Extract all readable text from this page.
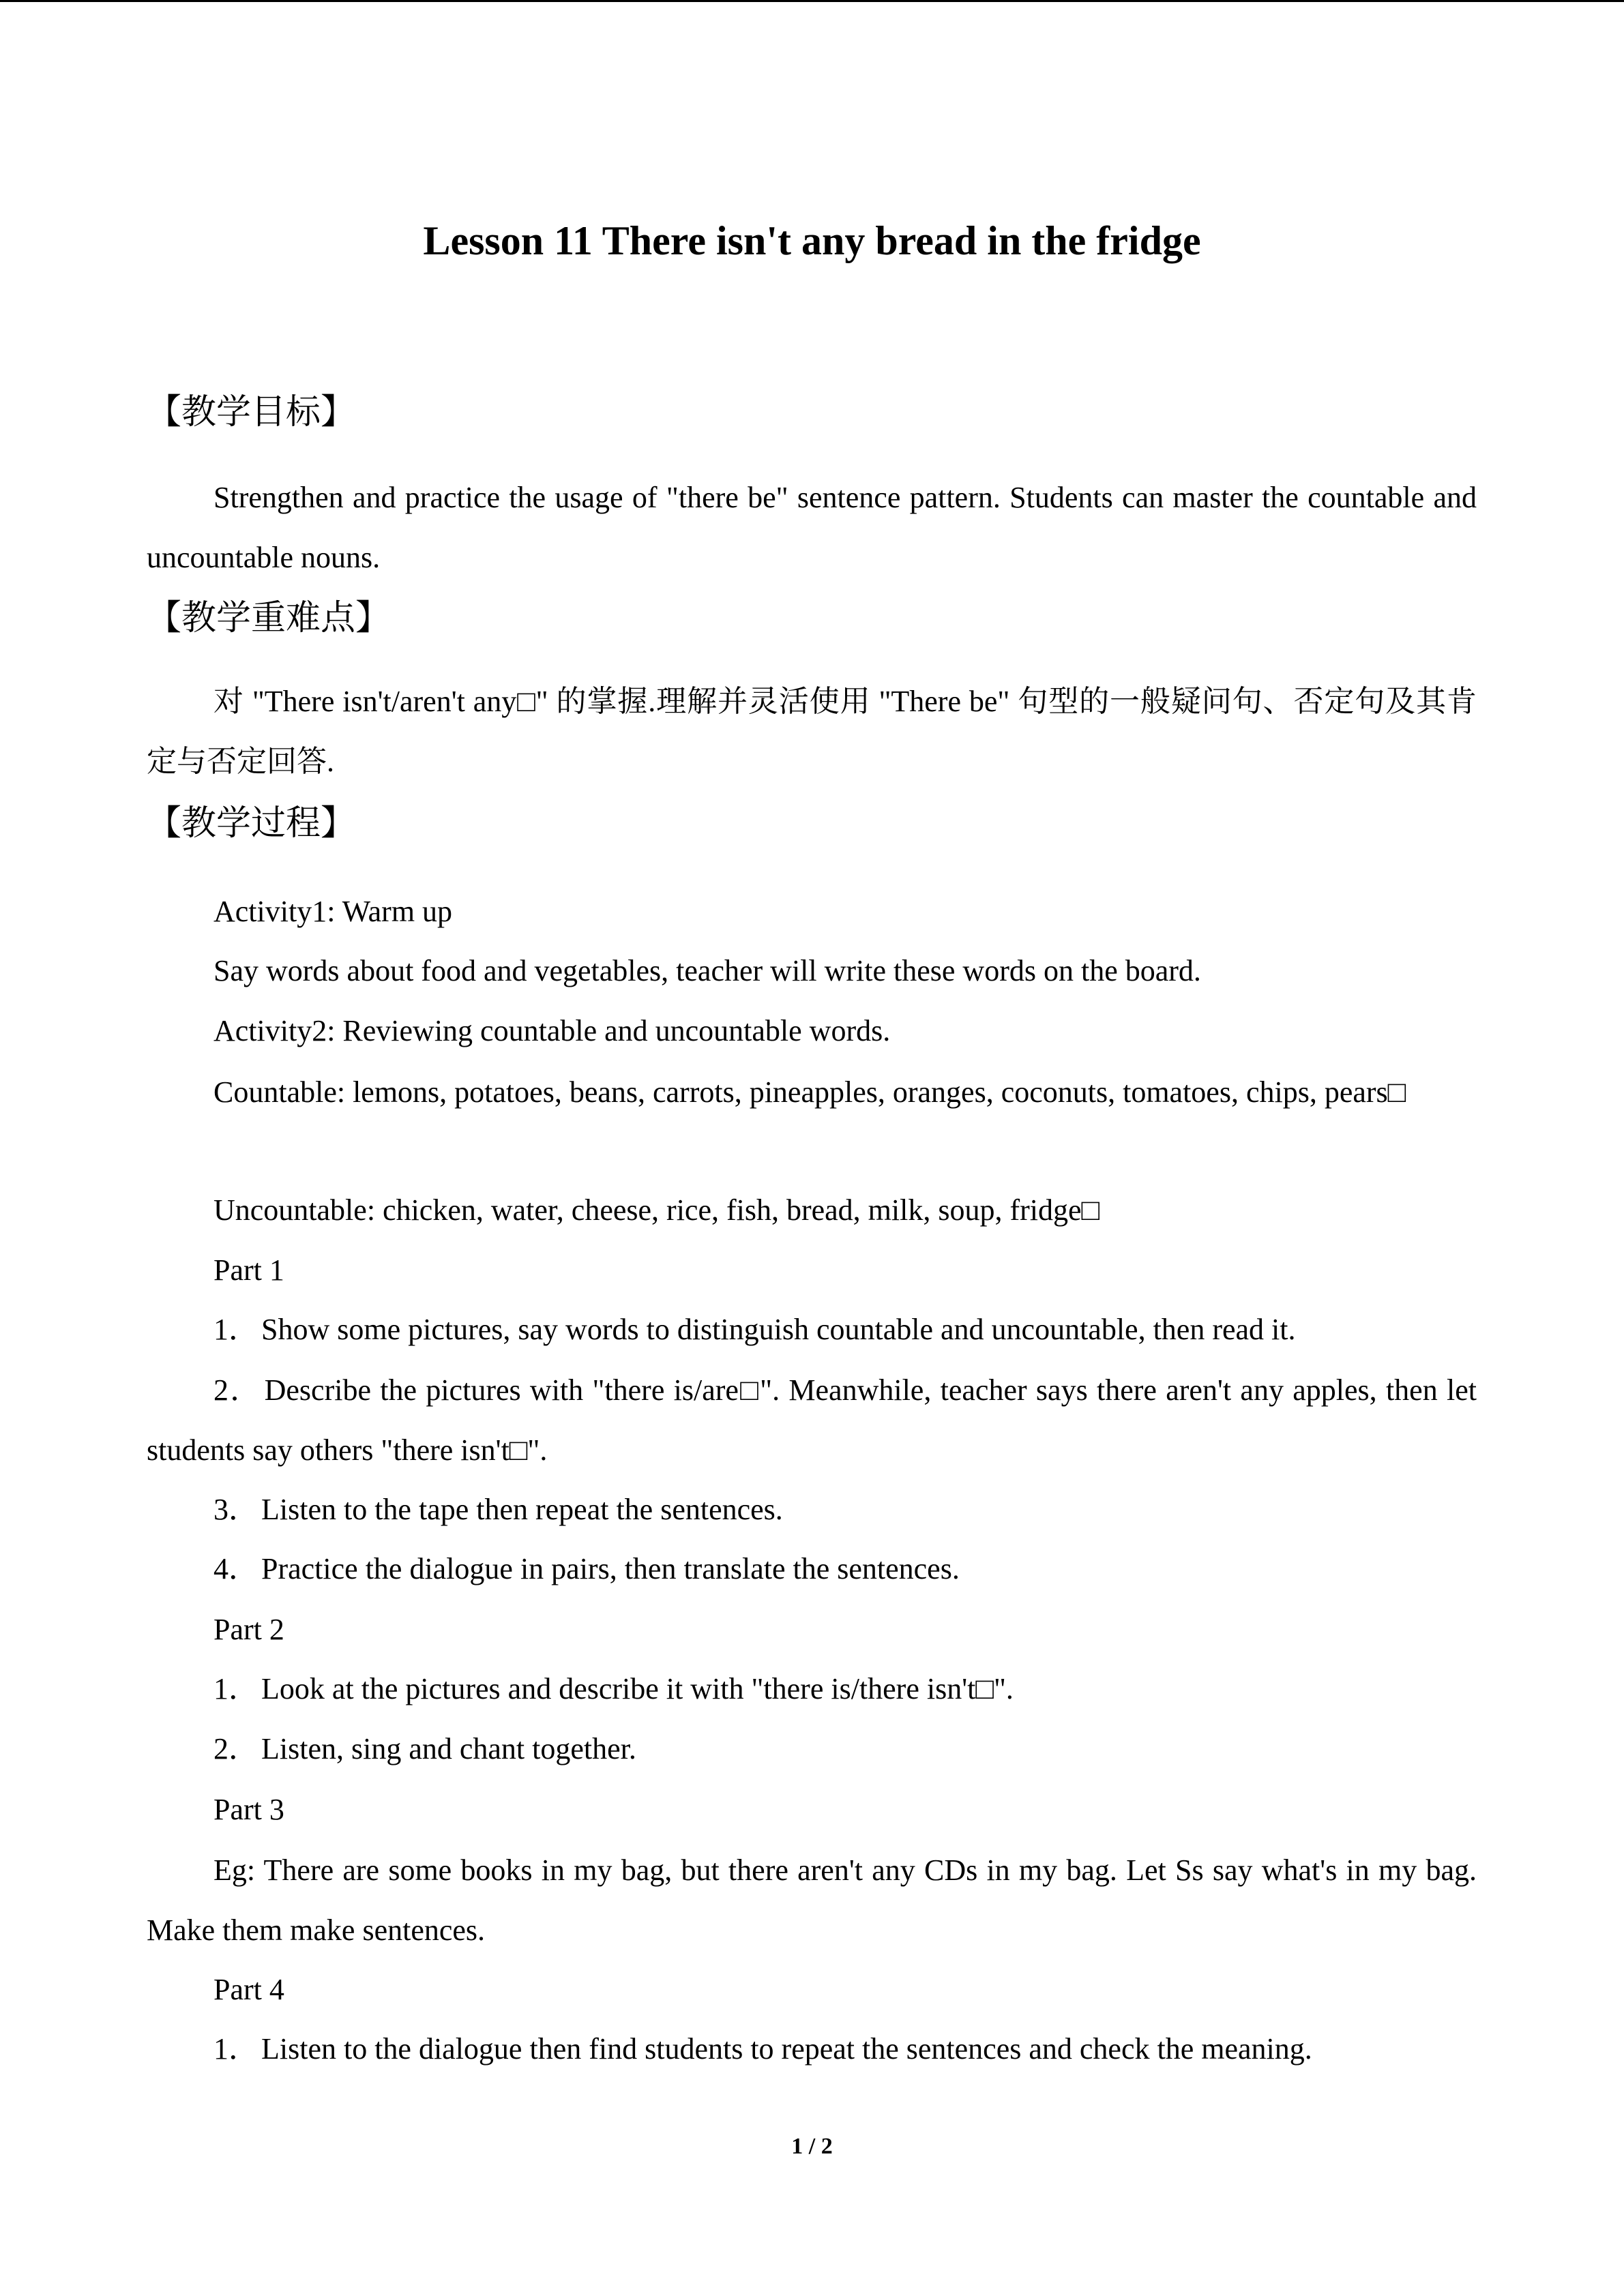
Lesson 11 There isn't any bread in the fridge
【教学目标】

Strengthen and practice the usage of "there be" sentence pattern. Students can master the countable and uncountable nouns.

【教学重难点】

对 "There isn't/aren't any□" 的掌握.理解并灵活使用 "There be" 句型的一般疑问句、否定句及其肯定与否定回答.

【教学过程】

Activity1: Warm up

Say words about food and vegetables, teacher will write these words on the board.

Activity2: Reviewing countable and uncountable words.

Countable: lemons, potatoes, beans, carrots, pineapples, oranges, coconuts, tomatoes, chips, pears□

Uncountable: chicken, water, cheese, rice, fish, bread, milk, soup, fridge□

Part 1

1．Show some pictures, say words to distinguish countable and uncountable, then read it.

2．Describe the pictures with "there is/are□". Meanwhile, teacher says there aren't any apples, then let students say others "there isn't□".

3．Listen to the tape then repeat the sentences.

4．Practice the dialogue in pairs, then translate the sentences.

Part 2

1．Look at the pictures and describe it with "there is/there isn't□".

2．Listen, sing and chant together.

Part 3

Eg: There are some books in my bag, but there aren't any CDs in my bag. Let Ss say what's in my bag. Make them make sentences.

Part 4

1．Listen to the dialogue then find students to repeat the sentences and check the meaning.

1 / 2
